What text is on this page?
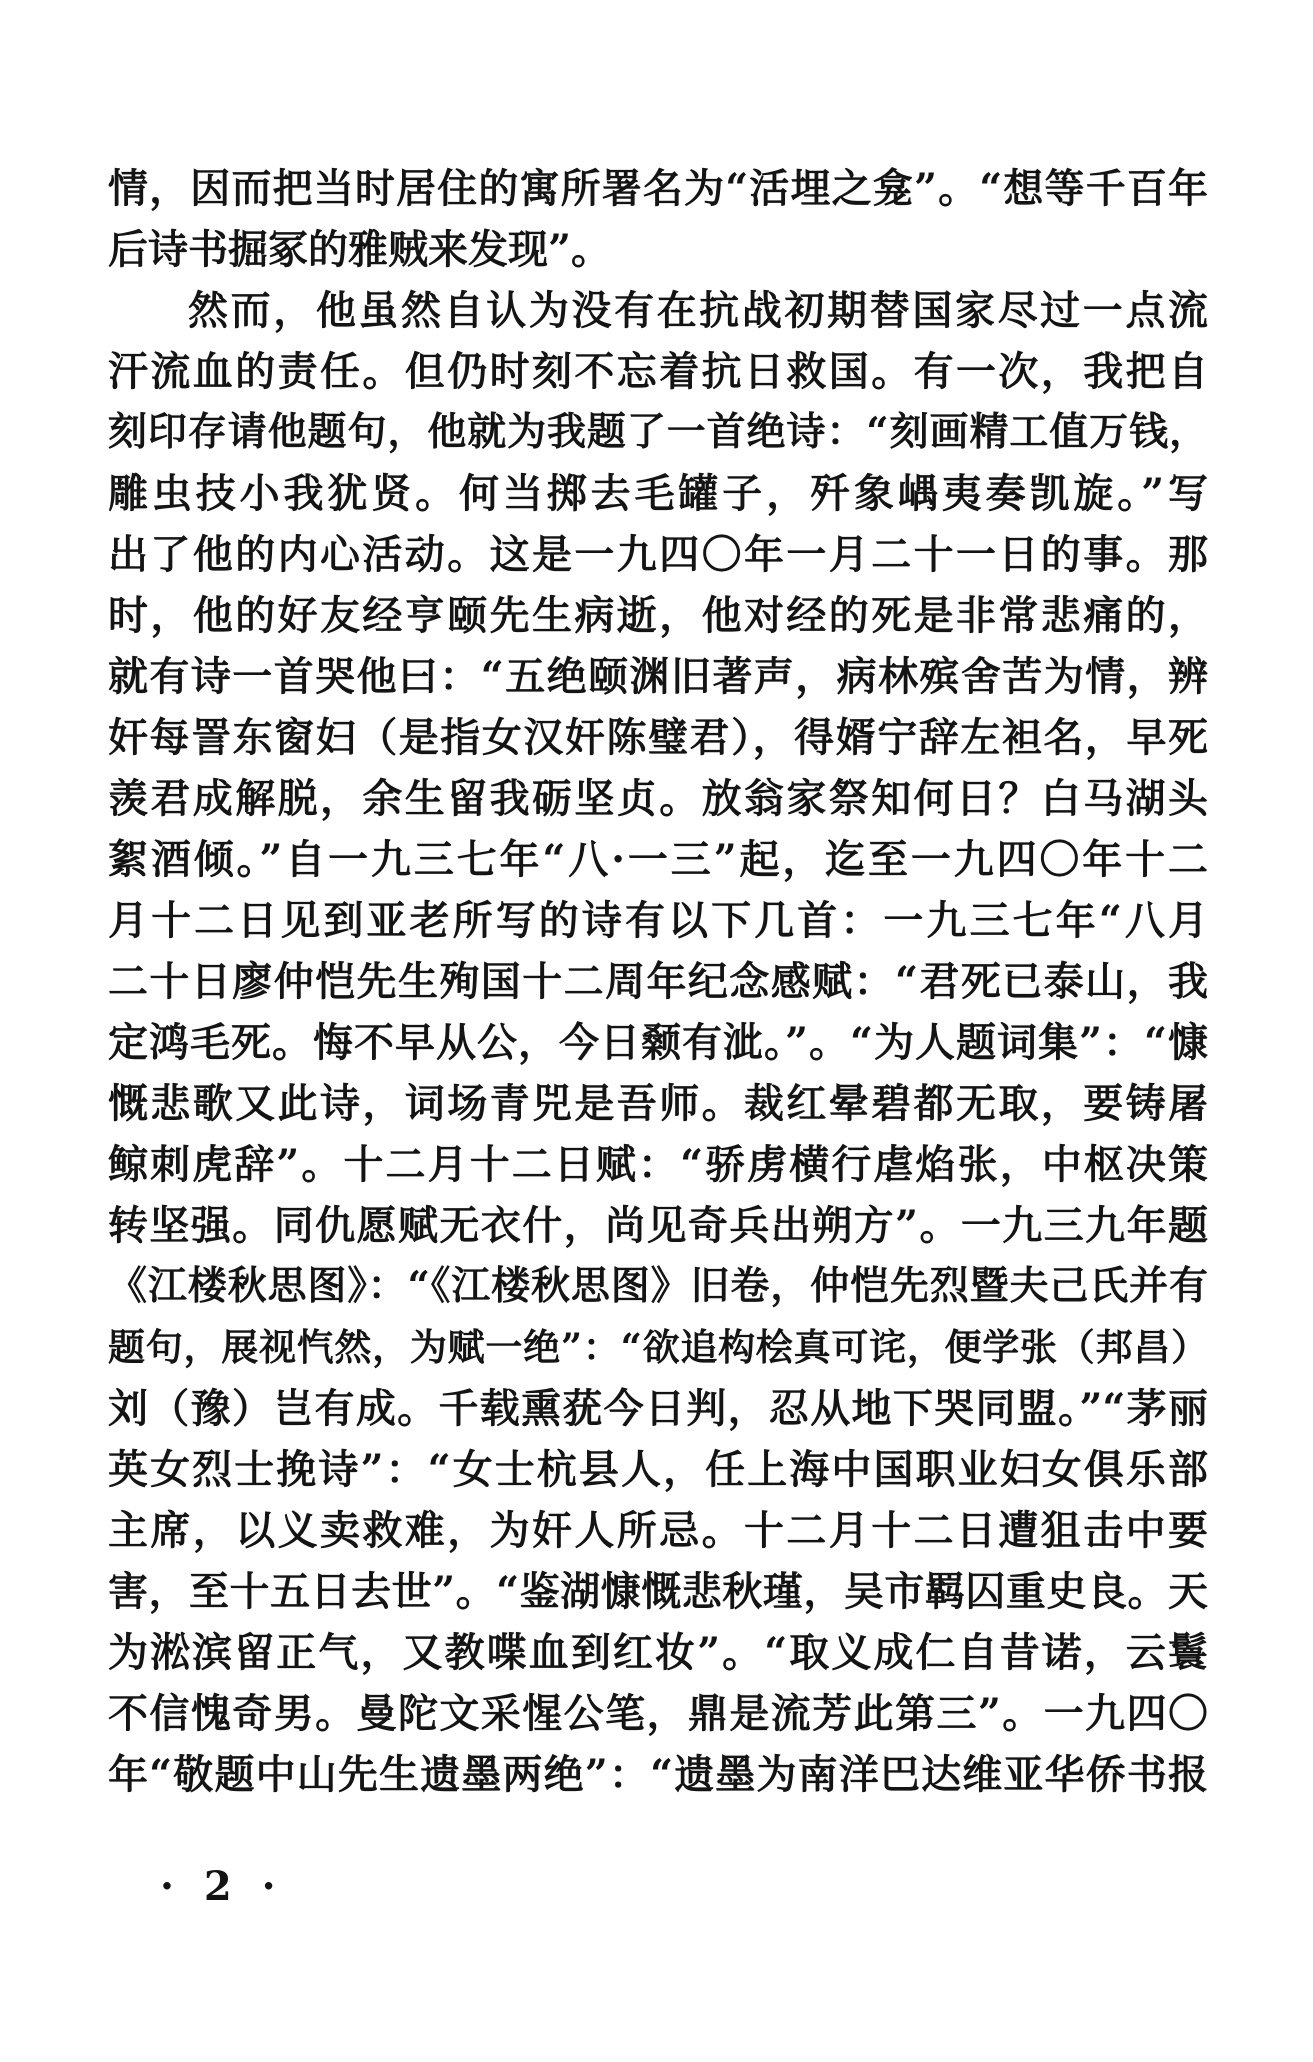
情，因而把当时居住的寓所署名为“活埋之龛”。“想等千百年
后诗书掘冢的雅贼来发现”。
然而，他虽然自认为没有在抗战初期替国家尽过一点流
汗流血的责任。但仍时刻不忘着抗日救国。有一次，我把自
刻印存请他题句，他就为我题了一首绝诗：“刻画精工值万钱，
雕虫技小我犹贤。何当掷去毛罐子，歼象嵎夷奏凯旋。”写
出了他的内心活动。这是一九四〇年一月二十一日的事。那
时，他的好友经亨颐先生病逝，他对经的死是非常悲痛的，
就有诗一首哭他曰：“五绝颐渊旧著声，病林殡舍苦为情，辨
奸每詈东窗妇（是指女汉奸陈璧君），得婿宁辞左袒名，早死
羡君成解脱，余生留我砺坚贞。放翁家祭知何日？白马湖头
絮酒倾。”自一九三七年“八·一三”起，迄至一九四〇年十二
月十二日见到亚老所写的诗有以下几首：一九三七年“八月
二十日廖仲恺先生殉国十二周年纪念感赋：“君死已泰山，我
定鸿毛死。悔不早从公，今日颡有泚。”。“为人题词集”：“慷
慨悲歌又此诗，词场青兕是吾师。裁红晕碧都无取，要铸屠
鲸刺虎辞”。十二月十二日赋：“骄虏横行虐焰张，中枢决策
转坚强。同仇愿赋无衣什，尚见奇兵出朔方”。一九三九年题
《江楼秋思图》：“《江楼秋思图》旧卷，仲恺先烈暨夫己氏并有
题句，展视忾然，为赋一绝”：“欲追构桧真可诧，便学张（邦昌）
刘（豫）岂有成。千载熏莸今日判，忍从地下哭同盟。”“茅丽
英女烈士挽诗”：“女士杭县人，任上海中国职业妇女俱乐部
主席，以义卖救难，为奸人所忌。十二月十二日遭狙击中要
害，至十五日去世”。“鉴湖慷慨悲秋瑾，吴市羁囚重史良。天
为淞滨留正气，又教喋血到红妆”。“取义成仁自昔诺，云鬟
不信愧奇男。曼陀文采惺公笔，鼎是流芳此第三”。一九四〇
年“敬题中山先生遗墨两绝”：“遗墨为南洋巴达维亚华侨书报
· 2 ·
